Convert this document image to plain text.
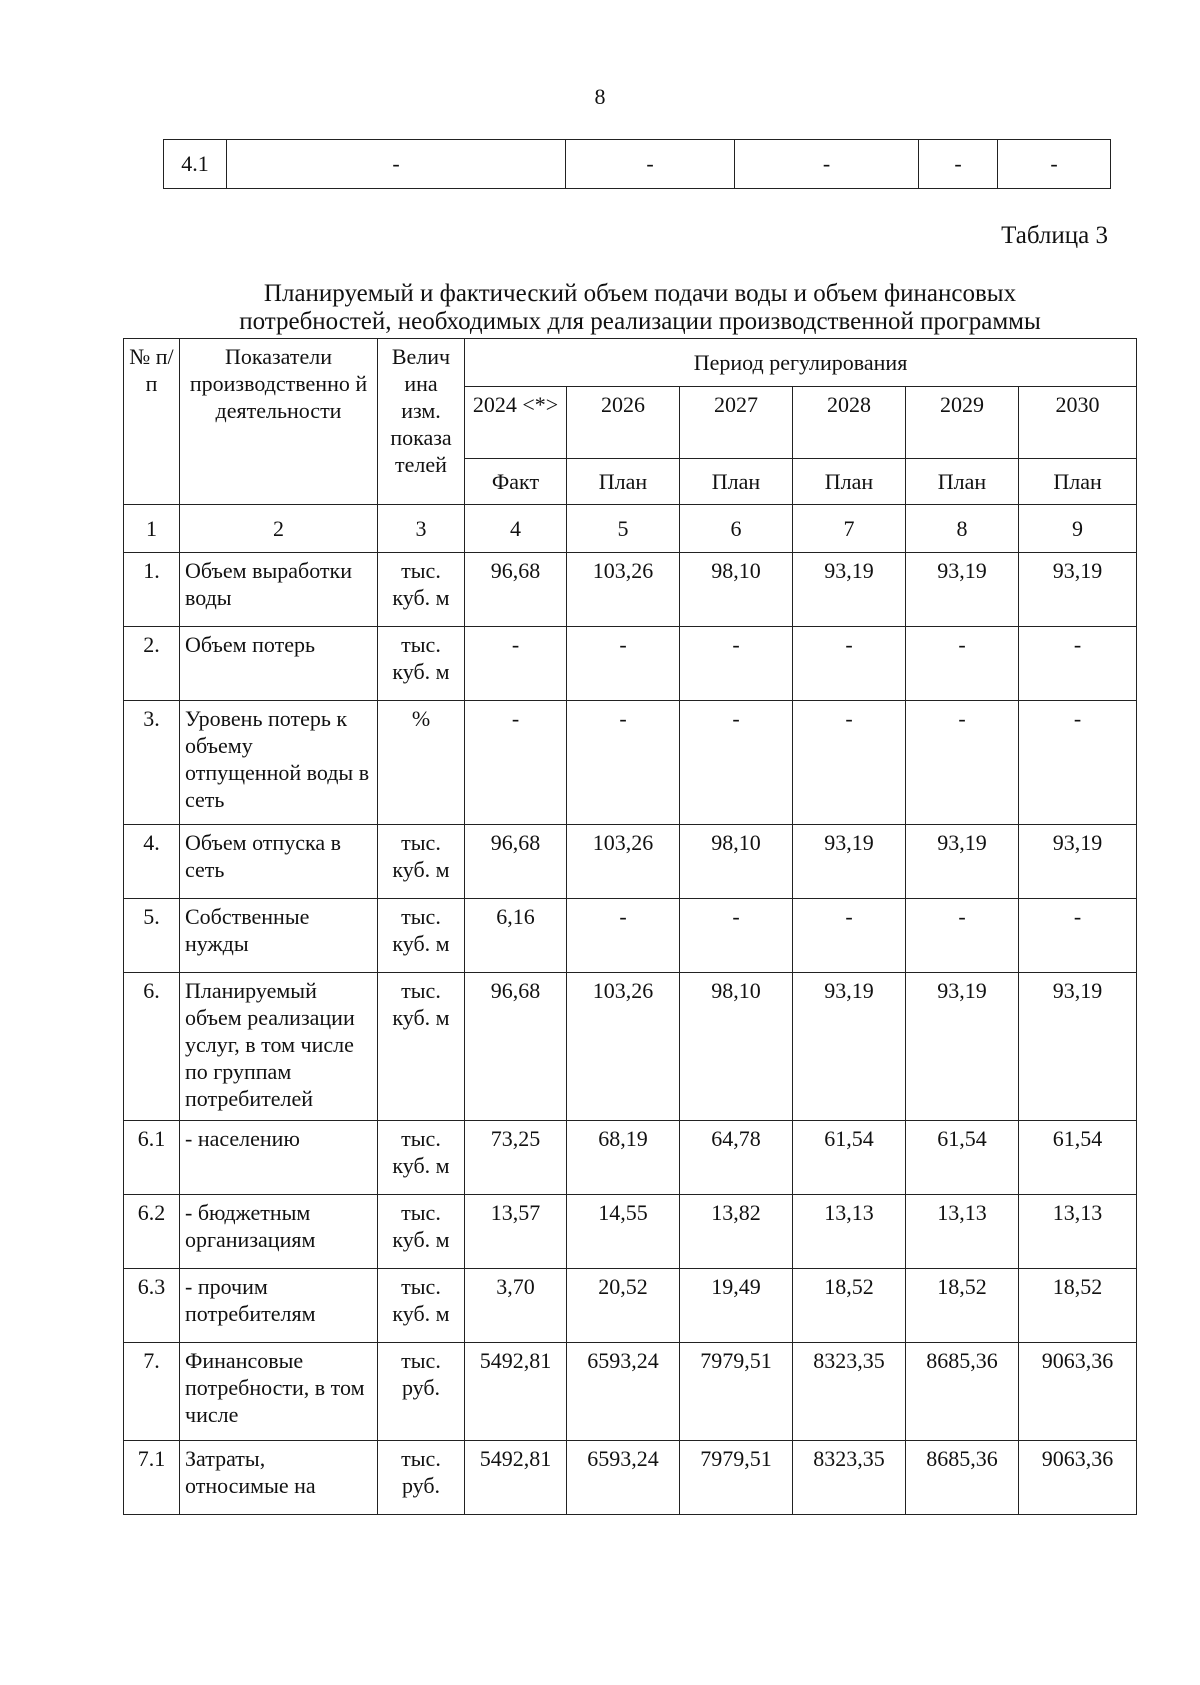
8
4.1	-	-	-	-	-
Таблица 3
Планируемый и фактический объем подачи воды и объем финансовых
потребностей, необходимых для реализации производственной программы
№ п/п	Показатели производственно й деятельности	Велич ина изм. показа телей	Период регулирования					
			2024 <*>	2026	2027	2028	2029	2030
			Факт	План	План	План	План	План
1	2	3	4	5	6	7	8	9
1.	Объем выработки воды	тыс. куб. м	96,68	103,26	98,10	93,19	93,19	93,19
2.	Объем потерь	тыс. куб. м	-	-	-	-	-	-
3.	Уровень потерь к объему отпущенной воды в сеть	%	-	-	-	-	-	-
4.	Объем отпуска в сеть	тыс. куб. м	96,68	103,26	98,10	93,19	93,19	93,19
5.	Собственные нужды	тыс. куб. м	6,16	-	-	-	-	-
6.	Планируемый объем реализации услуг, в том числе по группам потребителей	тыс. куб. м	96,68	103,26	98,10	93,19	93,19	93,19
6.1	- населению	тыс. куб. м	73,25	68,19	64,78	61,54	61,54	61,54
6.2	- бюджетным организациям	тыс. куб. м	13,57	14,55	13,82	13,13	13,13	13,13
6.3	- прочим потребителям	тыс. куб. м	3,70	20,52	19,49	18,52	18,52	18,52
7.	Финансовые потребности, в том числе	тыс. руб.	5492,81	6593,24	7979,51	8323,35	8685,36	9063,36
7.1	Затраты, относимые на	тыс. руб.	5492,81	6593,24	7979,51	8323,35	8685,36	9063,36
